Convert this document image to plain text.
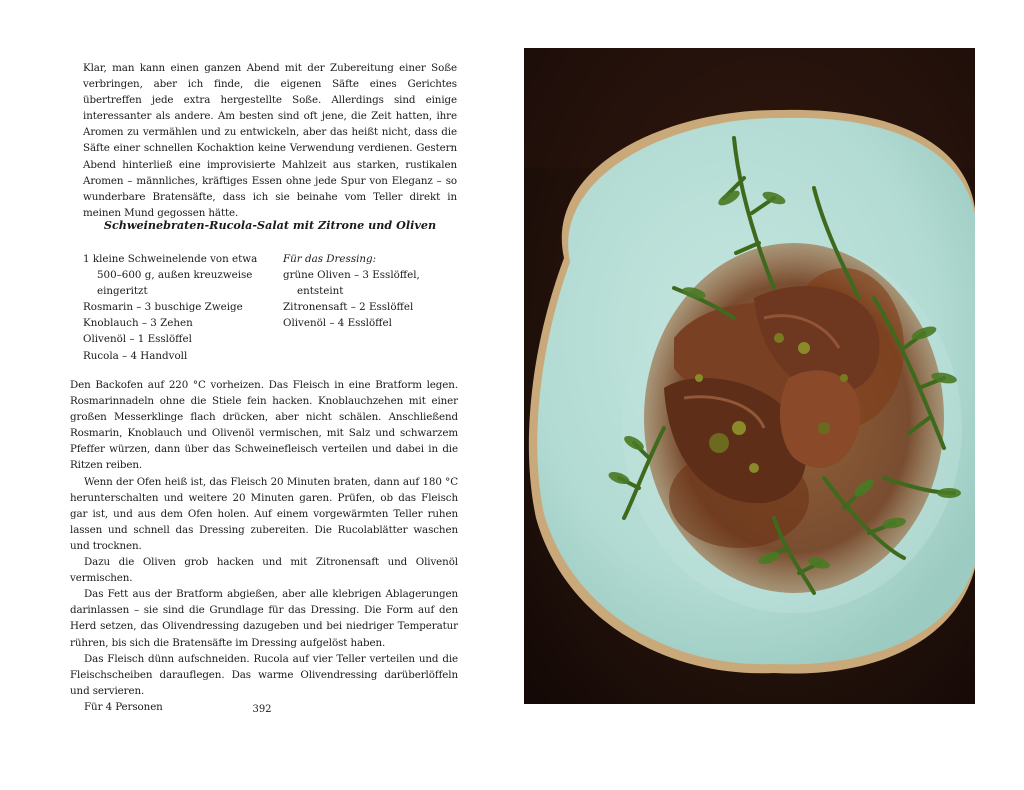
Klar, man kann einen ganzen Abend mit der Zubereitung einer Soße verbringen, aber ich finde, die eigenen Säfte eines Gerichtes übertreffen jede extra hergestellte Soße. Allerdings sind einige interessanter als andere. Am besten sind oft jene, die Zeit hatten, ihre Aromen zu vermählen und zu entwickeln, aber das heißt nicht, dass die Säfte einer schnellen Kochaktion keine Verwendung verdienen. Gestern Abend hinterließ eine improvisierte Mahlzeit aus starken, rustikalen Aromen – männliches, kräftiges Essen ohne jede Spur von Eleganz – so wunderbare Bratensäfte, dass ich sie beinahe vom Teller direkt in meinen Mund gegossen hätte.

Schweinebraten-Rucola-Salat mit Zitrone und Oliven
1 kleine Schweinelende von etwa 500–600 g, außen kreuzweise eingeritzt
Rosmarin – 3 buschige Zweige
Knoblauch – 3 Zehen
Olivenöl – 1 Esslöffel
Rucola – 4 Handvoll
Für das Dressing:
grüne Oliven – 3 Esslöffel, entsteint
Zitronensaft – 2 Esslöffel
Olivenöl – 4 Esslöffel

Den Backofen auf 220 °C vorheizen. Das Fleisch in eine Bratform legen. Rosmarinnadeln ohne die Stiele fein hacken. Knoblauchzehen mit einer großen Messerklinge flach drücken, aber nicht schälen. Anschließend Rosmarin, Knoblauch und Olivenöl vermischen, mit Salz und schwarzem Pfeffer würzen, dann über das Schweinefleisch verteilen und dabei in die Ritzen reiben.

Wenn der Ofen heiß ist, das Fleisch 20 Minuten braten, dann auf 180 °C herunterschalten und weitere 20 Minuten garen. Prüfen, ob das Fleisch gar ist, und aus dem Ofen holen. Auf einem vorgewärmten Teller ruhen lassen und schnell das Dressing zubereiten. Die Rucolablätter waschen und trocknen.

Dazu die Oliven grob hacken und mit Zitronensaft und Olivenöl vermischen.

Das Fett aus der Bratform abgießen, aber alle klebrigen Ablagerungen darinlassen – sie sind die Grundlage für das Dressing. Die Form auf den Herd setzen, das Olivendressing dazugeben und bei niedriger Temperatur rühren, bis sich die Bratensäfte im Dressing aufgelöst haben.

Das Fleisch dünn aufschneiden. Rucola auf vier Teller verteilen und die Fleischscheiben darauflegen. Das warme Olivendressing darüberlöffeln und servieren.

Für 4 Personen	392
